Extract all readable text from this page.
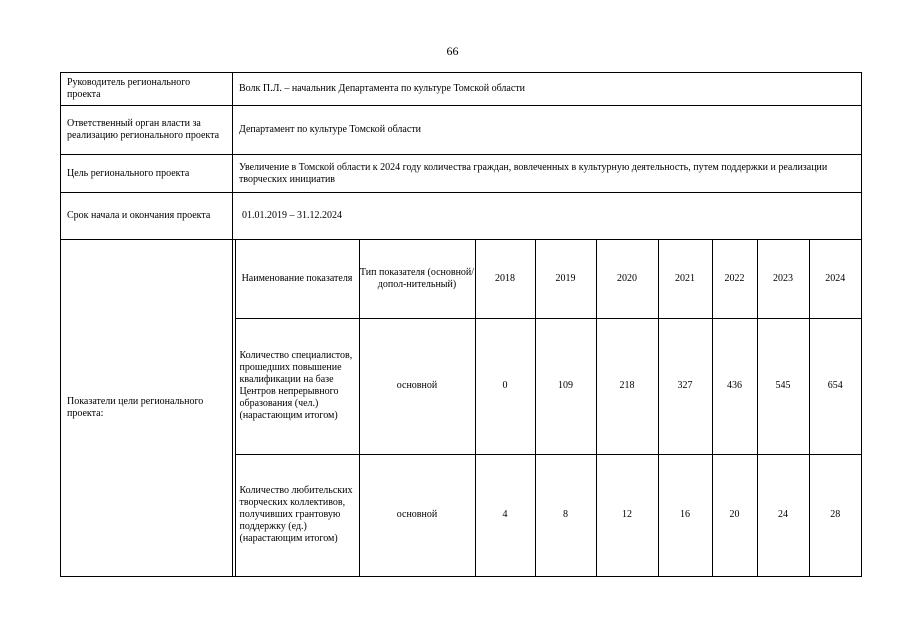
66
Руководитель регионального проекта	Волк П.Л. – начальник Департамента по культуре Томской области
Ответственный орган власти за реализацию регионального проекта	Департамент по культуре Томской области
Цель регионального проекта	Увеличение в Томской области к 2024 году количества граждан, вовлеченных в культурную деятельность, путем поддержки и реализации творческих инициатив
Срок начала и окончания проекта	01.01.2019 – 31.12.2024
Показатели цели регионального проекта:	
	Наименование показателя	Тип показателя (основной/допол-нительный)	2018	2019	2020	2021	2022	2023	2024
	Количество специалистов, прошедших повышение квалификации на базе Центров непрерывного образования (чел.) (нарастающим итогом)	основной	0	109	218	327	436	545	654
	Количество любительских творческих коллективов, получивших грантовую поддержку (ед.) (нарастающим итогом)	основной	4	8	12	16	20	24	28
